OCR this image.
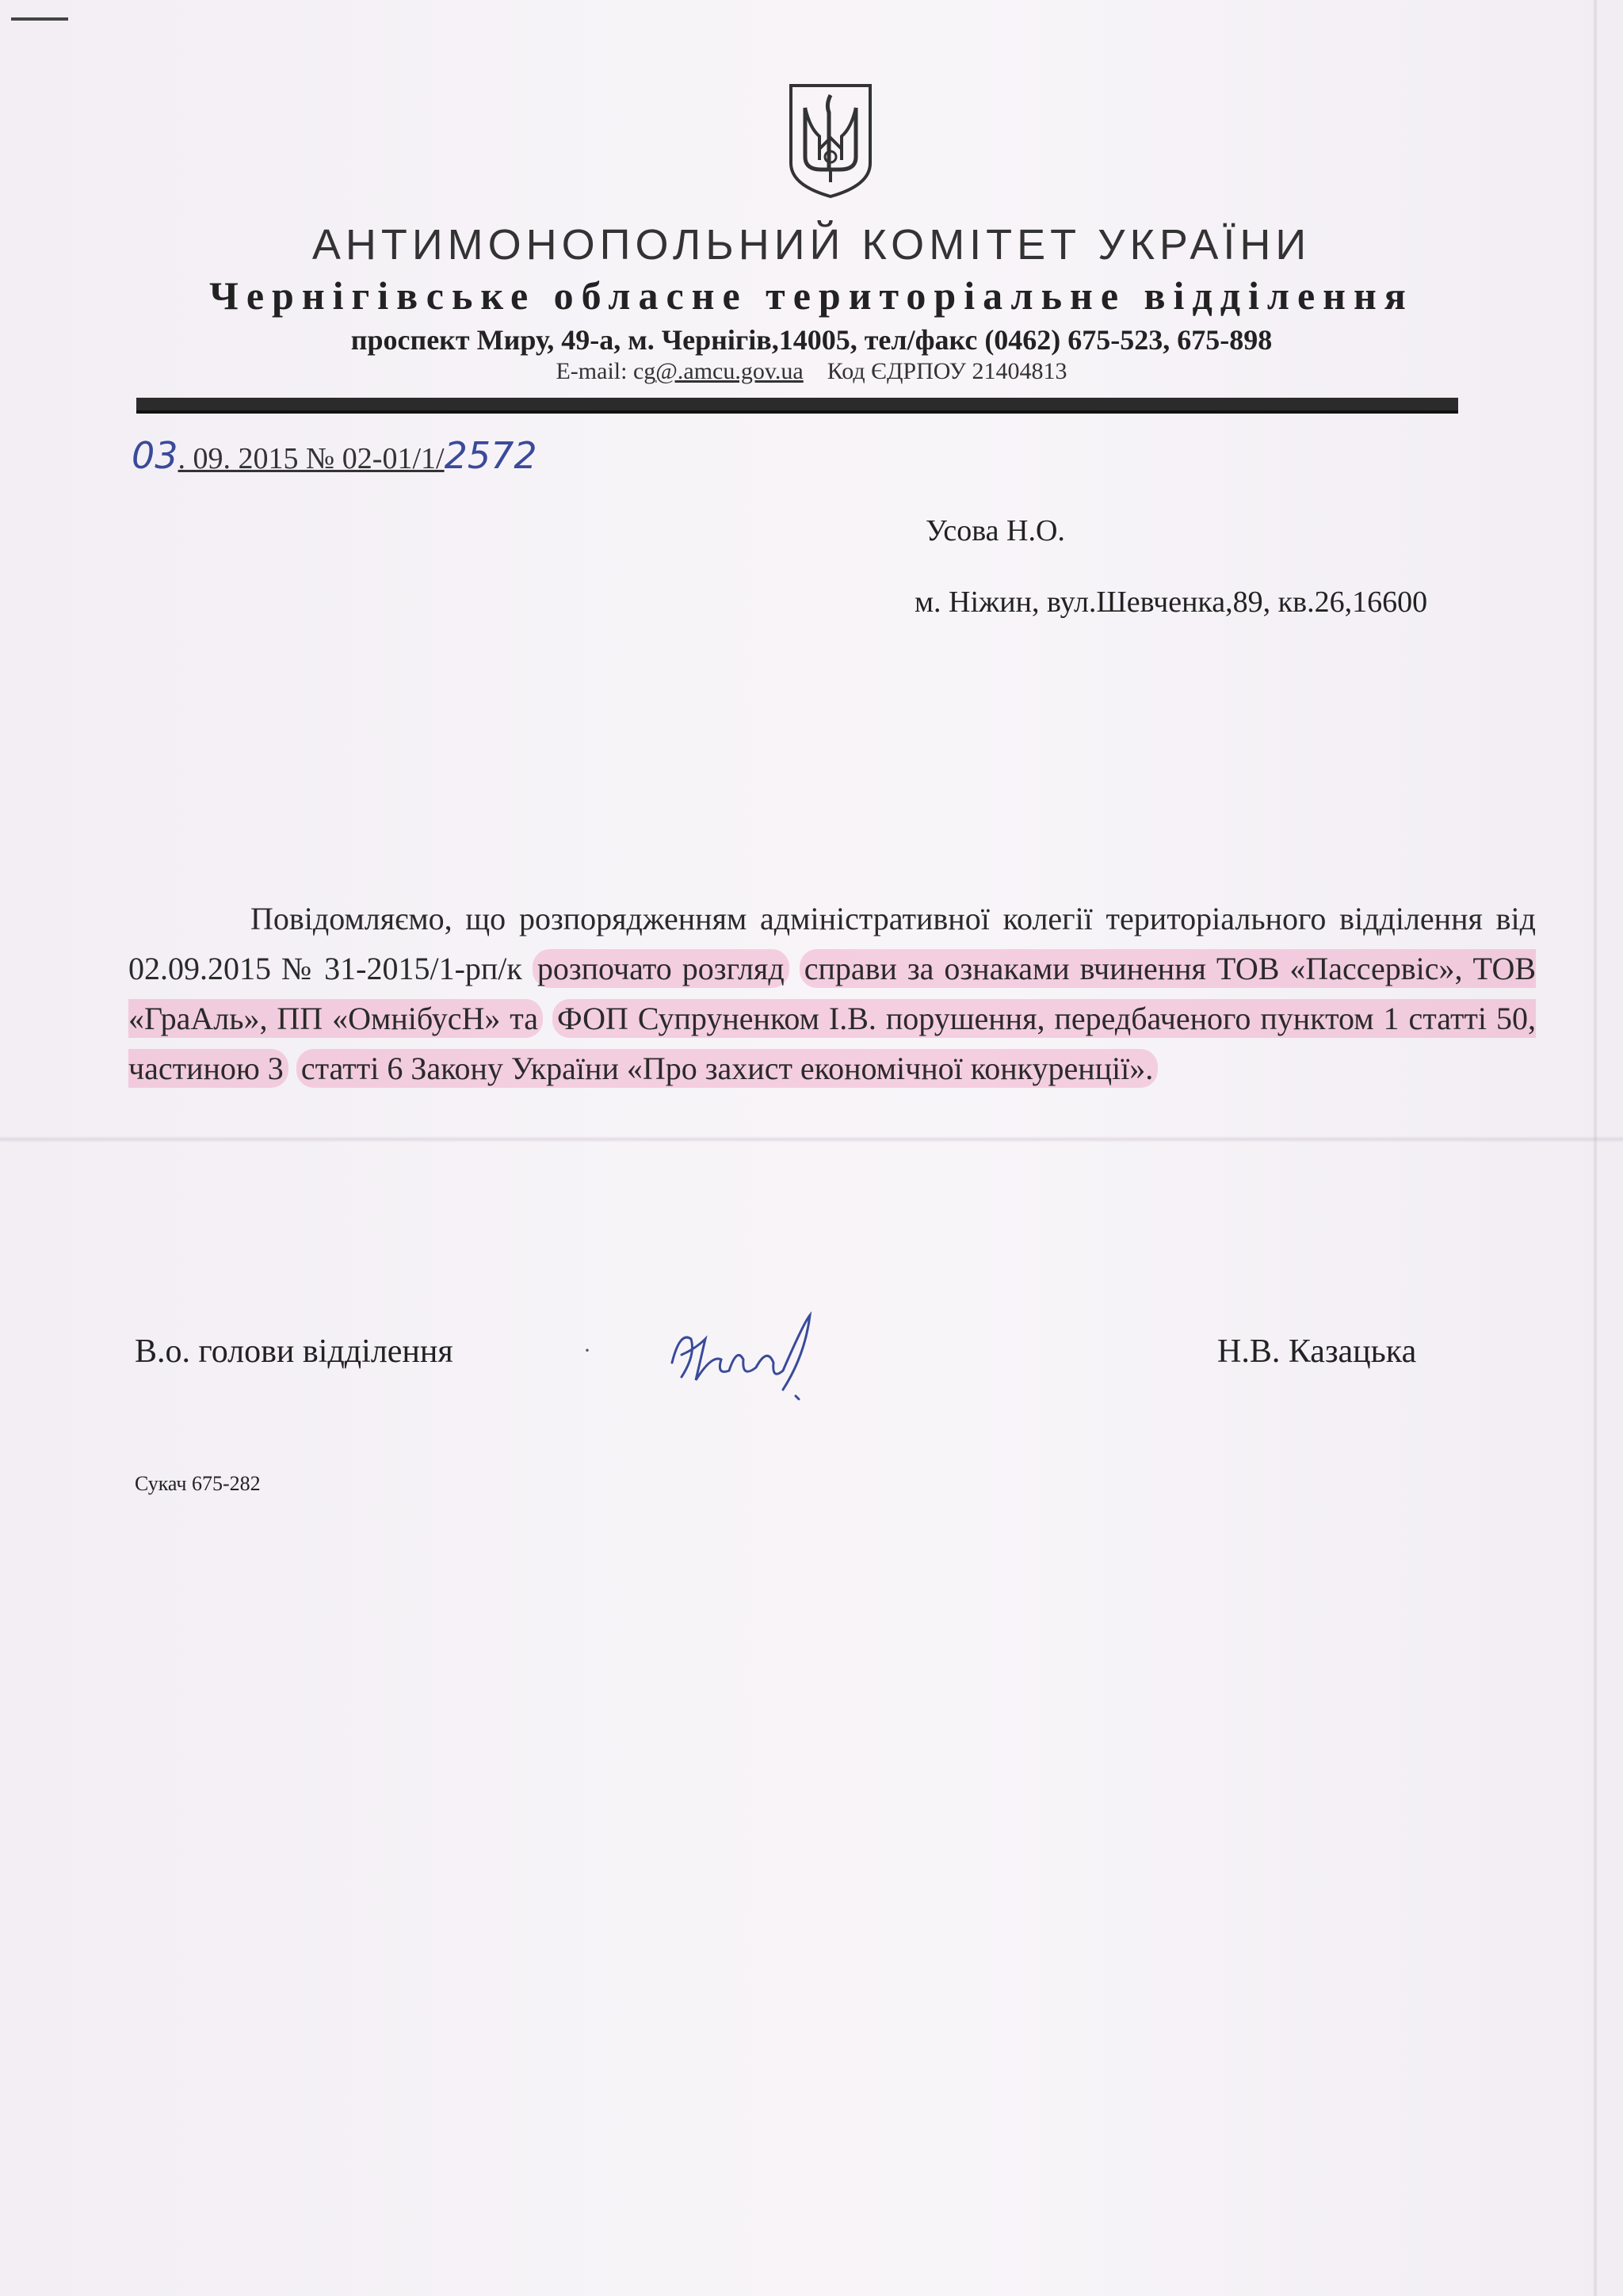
АНТИМОНОПОЛЬНИЙ КОМІТЕТ УКРАЇНИ
Чернігівське обласне територіальне відділення
проспект Миру, 49-а, м. Чернігів,14005, тел/факс (0462) 675-523, 675-898
E-mail: cg@.amcu.gov.ua Код ЄДРПОУ 21404813
03. 09. 2015 № 02-01/1/2572
Усова Н.О.
м. Ніжин, вул.Шевченка,89, кв.26,16600
Повідомляємо, що розпорядженням адміністративної колегії територіального відділення від 02.09.2015 № 31-2015/1-рп/к розпочато розгляд справи за ознаками вчинення ТОВ «Пассервіс», ТОВ «ГраАль», ПП «ОмнібусН» та ФОП Супруненком І.В. порушення, передбаченого пунктом 1 статті 50, частиною 3 статті 6 Закону України «Про захист економічної конкуренції».
В.о. голови відділення	·	Н.В. Казацька
Сукач 675-282
